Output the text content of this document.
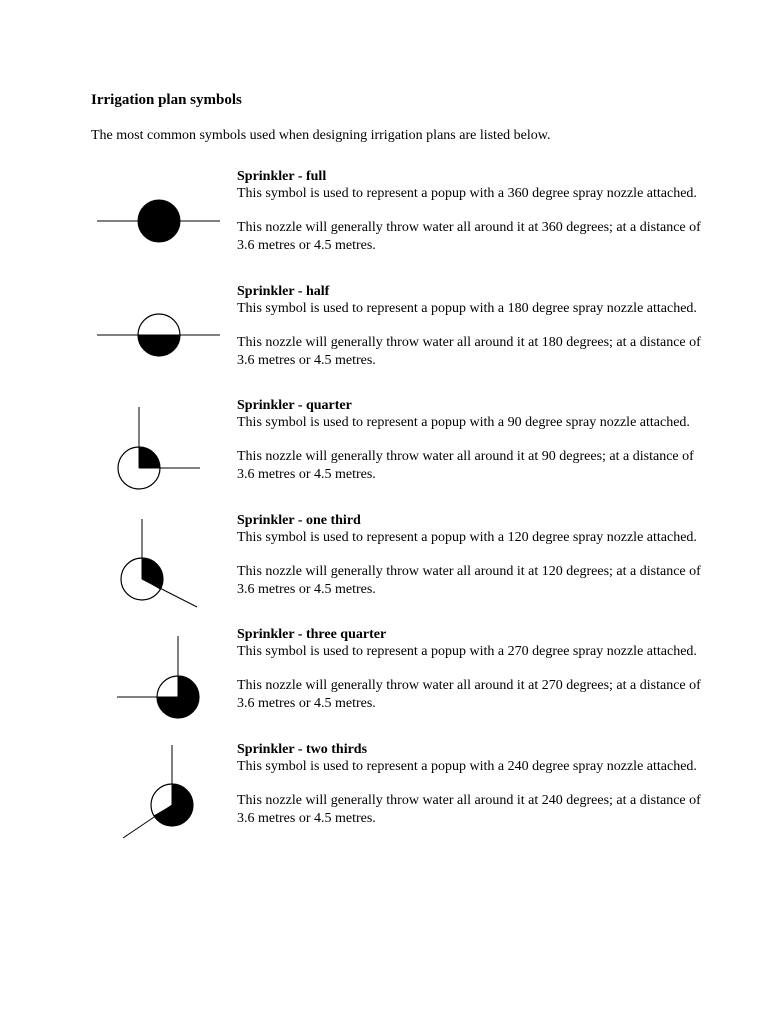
Irrigation plan symbols
The most common symbols used when designing irrigation plans are listed below.
Sprinkler - full
This symbol is used to represent a popup with a 360 degree spray nozzle attached.
This nozzle will generally throw water all around it at 360 degrees; at a distance of 3.6 metres or 4.5 metres.
Sprinkler - half
This symbol is used to represent a popup with a 180 degree spray nozzle attached.
This nozzle will generally throw water all around it at 180 degrees; at a distance of 3.6 metres or 4.5 metres.
Sprinkler - quarter
This symbol is used to represent a popup with a 90 degree spray nozzle attached.
This nozzle will generally throw water all around it at 90 degrees; at a distance of 3.6 metres or 4.5 metres.
Sprinkler - one third
This symbol is used to represent a popup with a 120 degree spray nozzle attached.
This nozzle will generally throw water all around it at 120 degrees; at a distance of 3.6 metres or 4.5 metres.
Sprinkler - three quarter
This symbol is used to represent a popup with a 270 degree spray nozzle attached.
This nozzle will generally throw water all around it at 270 degrees; at a distance of 3.6 metres or 4.5 metres.
Sprinkler - two thirds
This symbol is used to represent a popup with a 240 degree spray nozzle attached.
This nozzle will generally throw water all around it at 240 degrees; at a distance of 3.6 metres or 4.5 metres.
